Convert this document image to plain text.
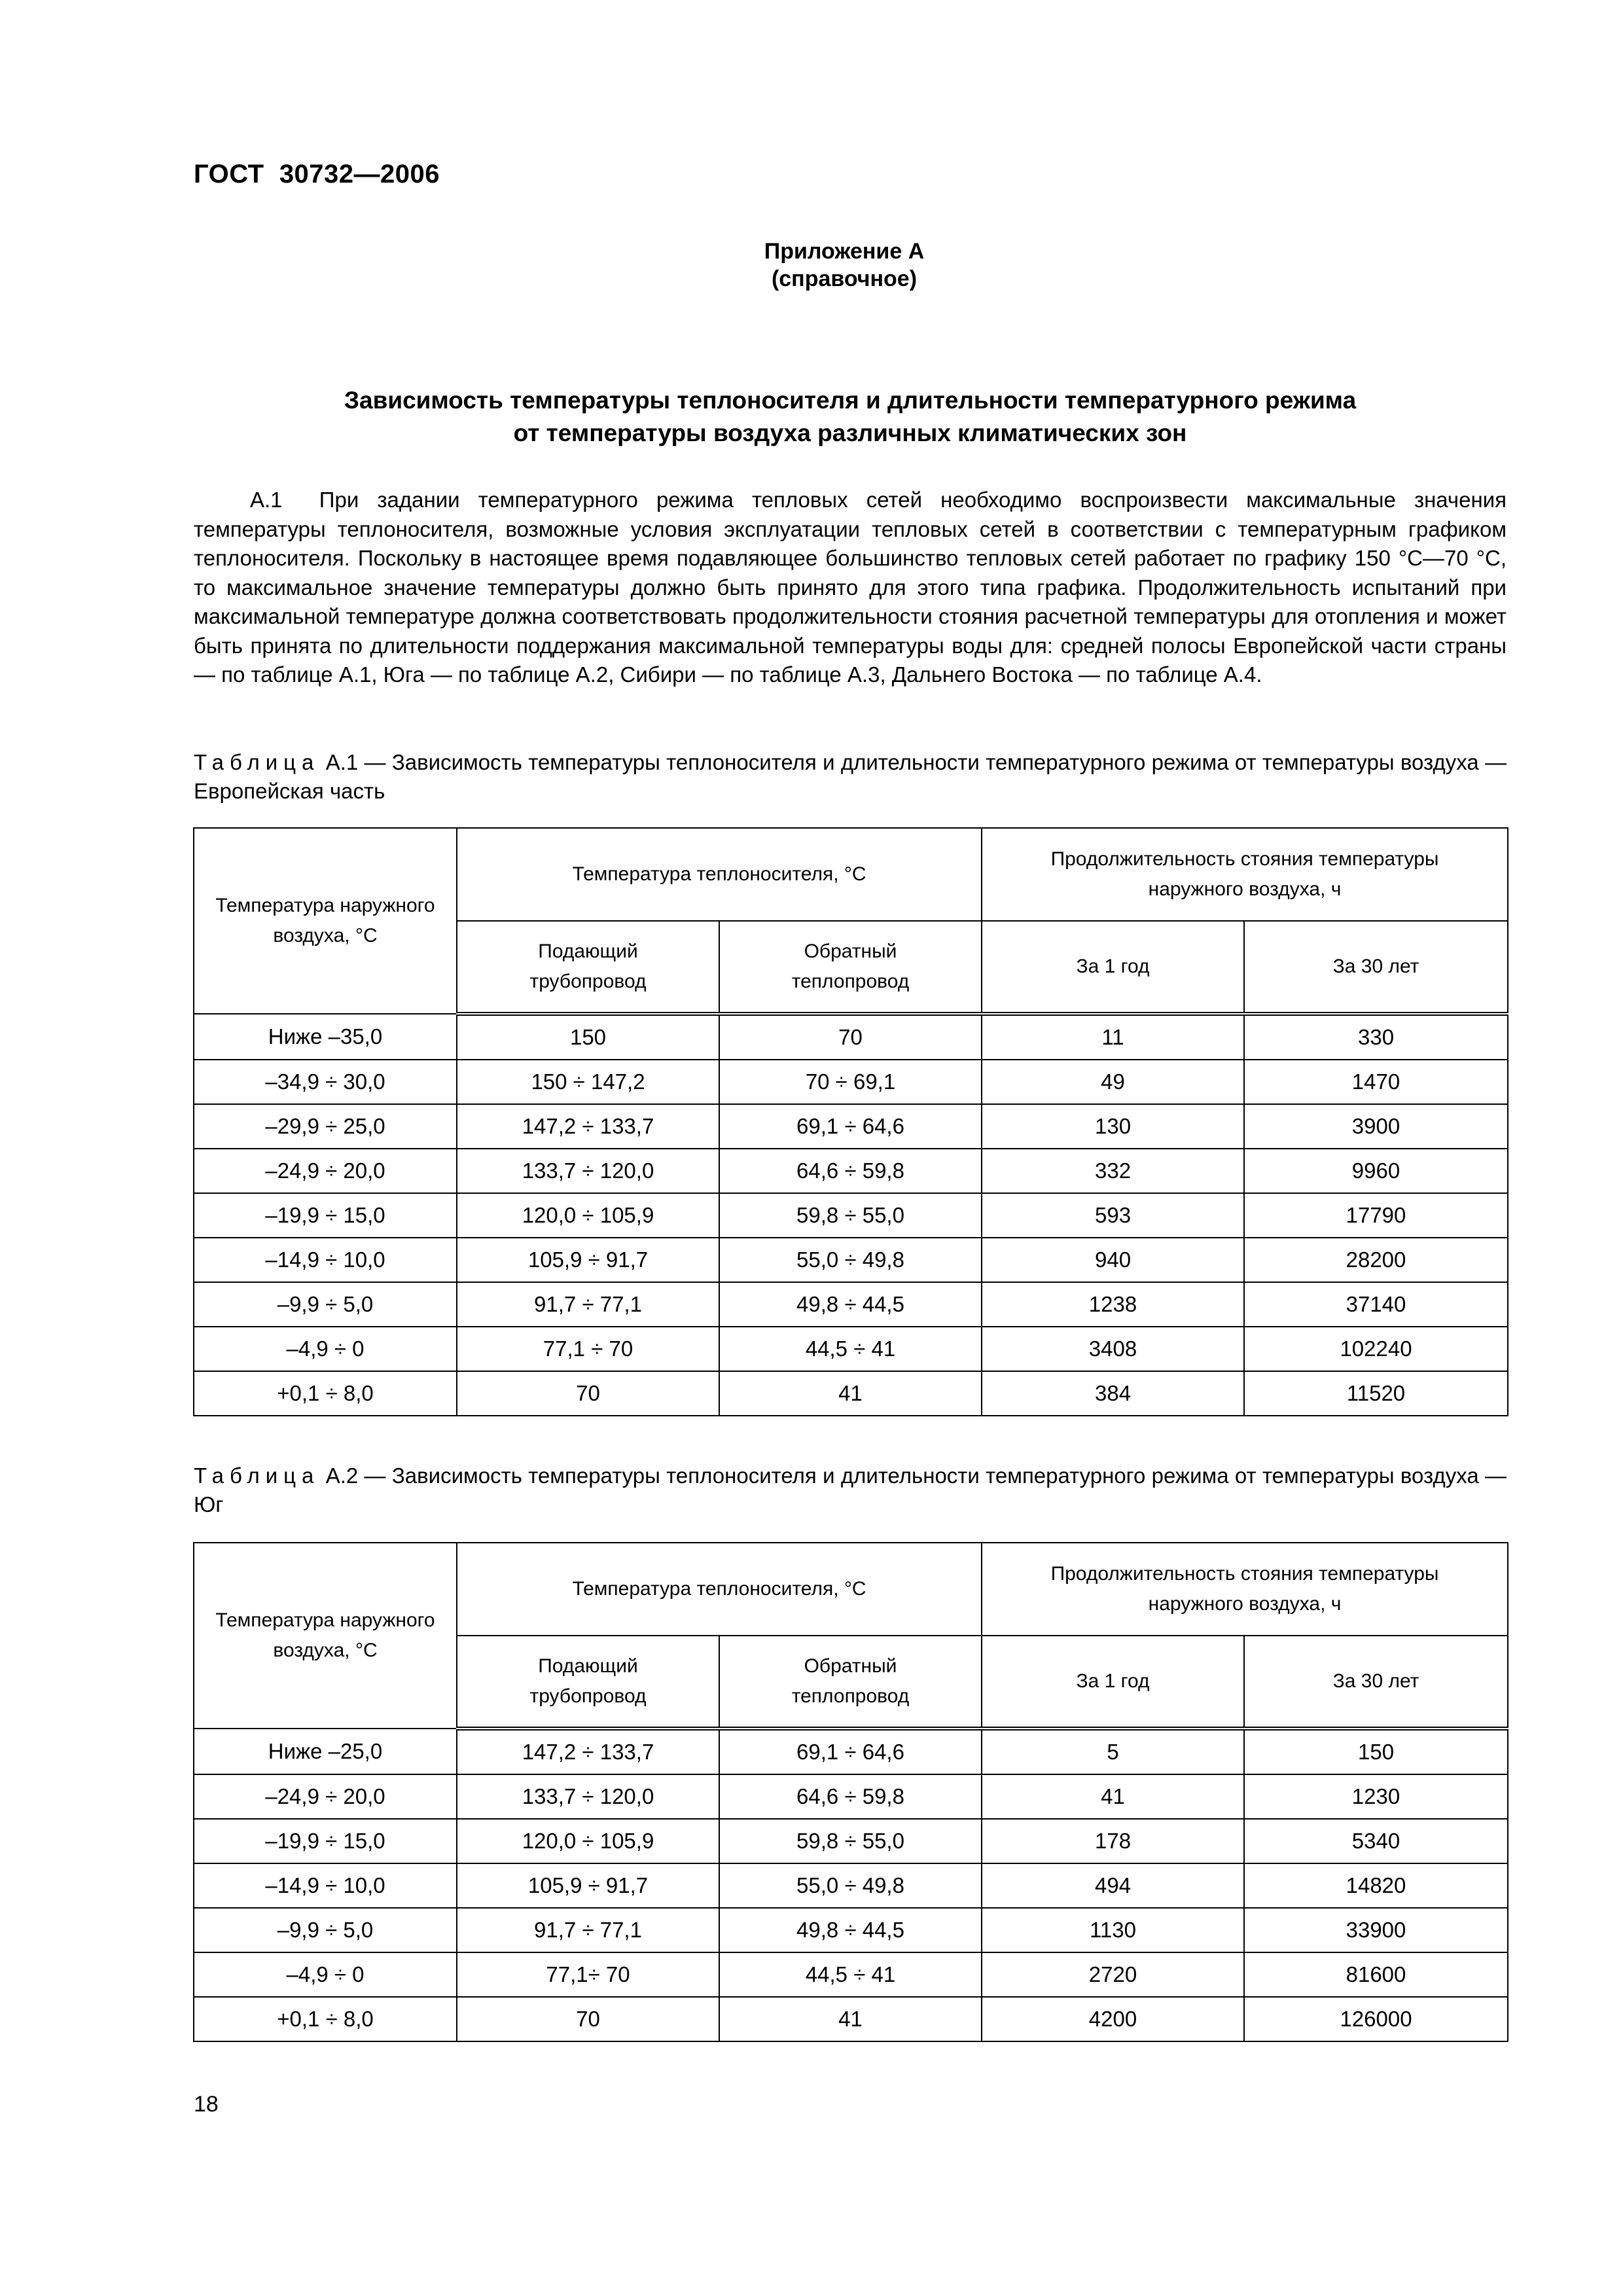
ГОСТ  30732—2006
Приложение А
(справочное)
Зависимость температуры теплоносителя и длительности температурного режима
от температуры воздуха различных климатических зон
А.1 При задании температурного режима тепловых сетей необходимо воспроизвести максимальные значения температуры теплоносителя, возможные условия эксплуатации тепловых сетей в соответствии с температурным графиком теплоносителя. Поскольку в настоящее время подавляющее большинство тепловых сетей работает по графику 150 °С—70 °С, то максимальное значение температуры должно быть принято для этого типа графика. Продолжительность испытаний при максимальной температуре должна соответствовать продолжительности стояния расчетной температуры для отопления и может быть принята по длительности поддержания максимальной температуры воды для: средней полосы Европейской части страны — по таблице А.1, Юга — по таблице А.2, Сибири — по таблице А.3, Дальнего Востока — по таблице А.4.
Таблица А.1 — Зависимость температуры теплоносителя и длительности температурного режима от температуры воздуха — Европейская часть
Температура наружного воздуха, °С	Температура теплоносителя, °С		Продолжительность стояния температуры наружного воздуха, ч	
	Подающий трубопровод	Обратный теплопровод	За 1 год	За 30 лет
Ниже –35,0	150	70	11	330
–34,9 ÷ 30,0	150 ÷ 147,2	70 ÷ 69,1	49	1470
–29,9 ÷ 25,0	147,2 ÷ 133,7	69,1 ÷ 64,6	130	3900
–24,9 ÷ 20,0	133,7 ÷ 120,0	64,6 ÷ 59,8	332	9960
–19,9 ÷ 15,0	120,0 ÷ 105,9	59,8 ÷ 55,0	593	17790
–14,9 ÷ 10,0	105,9 ÷ 91,7	55,0 ÷ 49,8	940	28200
–9,9 ÷ 5,0	91,7 ÷ 77,1	49,8 ÷ 44,5	1238	37140
–4,9 ÷ 0	77,1 ÷ 70	44,5 ÷ 41	3408	102240
+0,1 ÷ 8,0	70	41	384	11520
Таблица А.2 — Зависимость температуры теплоносителя и длительности температурного режима от температуры воздуха — Юг
Температура наружного воздуха, °С	Температура теплоносителя, °С		Продолжительность стояния температуры наружного воздуха, ч	
	Подающий трубопровод	Обратный теплопровод	За 1 год	За 30 лет
Ниже –25,0	147,2 ÷ 133,7	69,1 ÷ 64,6	5	150
–24,9 ÷ 20,0	133,7 ÷ 120,0	64,6 ÷ 59,8	41	1230
–19,9 ÷ 15,0	120,0 ÷ 105,9	59,8 ÷ 55,0	178	5340
–14,9 ÷ 10,0	105,9 ÷ 91,7	55,0 ÷ 49,8	494	14820
–9,9 ÷ 5,0	91,7 ÷ 77,1	49,8 ÷ 44,5	1130	33900
–4,9 ÷ 0	77,1÷ 70	44,5 ÷ 41	2720	81600
+0,1 ÷ 8,0	70	41	4200	126000
18
